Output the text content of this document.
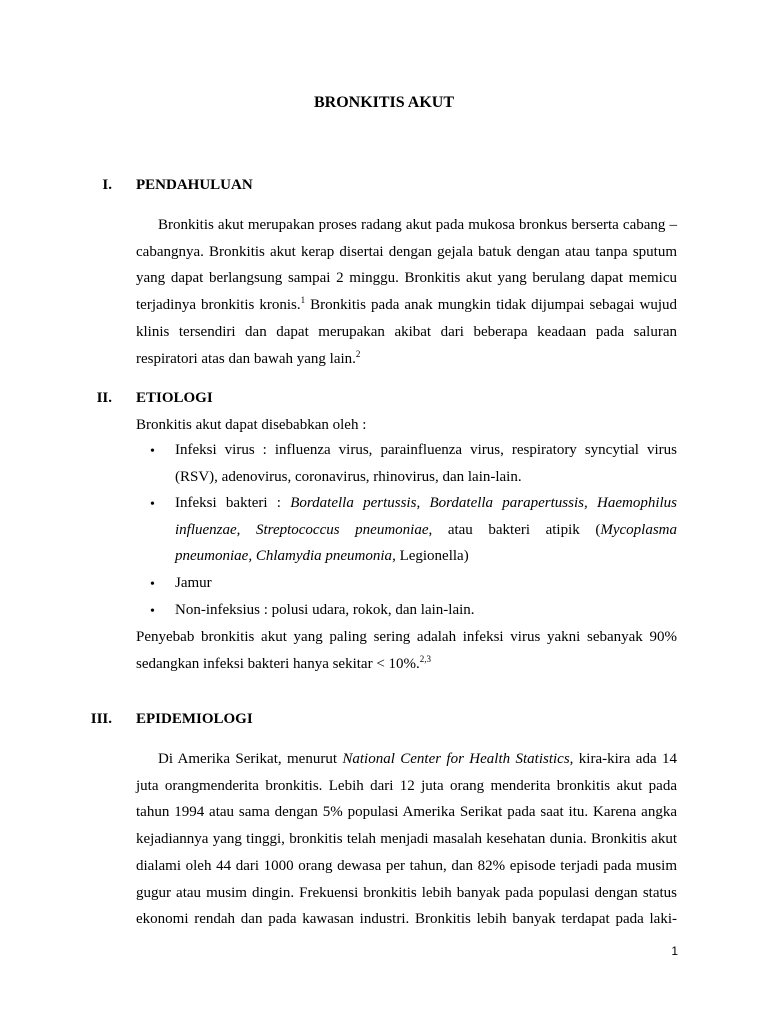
BRONKITIS AKUT
I. PENDAHULUAN

Bronkitis akut merupakan proses radang akut pada mukosa bronkus berserta cabang – cabangnya. Bronkitis akut kerap disertai dengan gejala batuk dengan atau tanpa sputum yang dapat berlangsung sampai 2 minggu. Bronkitis akut yang berulang dapat memicu terjadinya bronkitis kronis.$^1$ Bronkitis pada anak mungkin tidak dijumpai sebagai wujud klinis tersendiri dan dapat merupakan akibat dari beberapa keadaan pada saluran respiratori atas dan bawah yang lain.$^2$

II. ETIOLOGI
Bronkitis akut dapat disebabkan oleh :
• Infeksi virus : influenza virus, parainfluenza virus, respiratory syncytial virus (RSV), adenovirus, coronavirus, rhinovirus, dan lain-lain.
• Infeksi bakteri : Bordatella pertussis, Bordatella parapertussis, Haemophilus influenzae, Streptococcus pneumoniae, atau bakteri atipik (Mycoplasma pneumoniae, Chlamydia pneumonia, Legionella)
• Jamur
• Non-infeksius : polusi udara, rokok, dan lain-lain.

Penyebab bronkitis akut yang paling sering adalah infeksi virus yakni sebanyak 90% sedangkan infeksi bakteri hanya sekitar < 10%.$^{2,3}$

III. EPIDEMIOLOGI

Di Amerika Serikat, menurut National Center for Health Statistics, kira-kira ada 14 juta orangmenderita bronkitis. Lebih dari 12 juta orang menderita bronkitis akut pada tahun 1994 atau sama dengan 5% populasi Amerika Serikat pada saat itu. Karena angka kejadiannya yang tinggi, bronkitis telah menjadi masalah kesehatan dunia. Bronkitis akut dialami oleh 44 dari 1000 orang dewasa per tahun, dan 82% episode terjadi pada musim gugur atau musim dingin. Frekuensi bronkitis lebih banyak pada populasi dengan status ekonomi rendah dan pada kawasan industri. Bronkitis lebih banyak terdapat pada laki-

1
